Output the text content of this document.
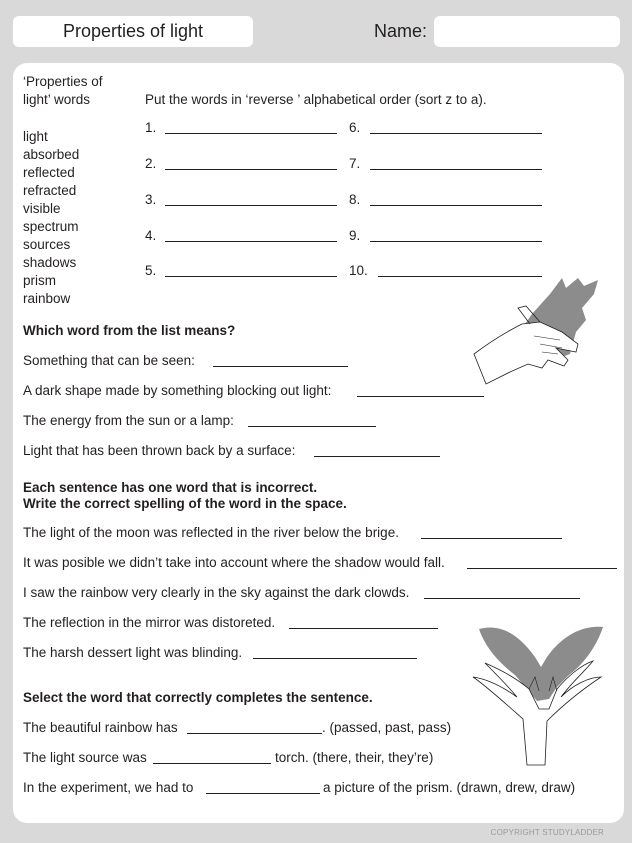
Properties of light	Name:
‘Properties of
light’ words
light
absorbed
reflected
refracted
visible
spectrum
sources
shadows
prism
rainbow
Put the words in ‘reverse ’ alphabetical order (sort z to a).
1.
2.
3.
4.
5.
6.
7.
8.
9.
10.
Which word from the list means?
Something that can be seen:
A dark shape made by something blocking out light:
The energy from the sun or a lamp:
Light that has been thrown back by a surface:
Each sentence has one word that is incorrect.
Write the correct spelling of the word in the space.
The light of the moon was reflected in the river below the brige.
It was posible we didn’t take into account where the shadow would fall.
I saw the rainbow very clearly in the sky against the dark clowds.
The reflection in the mirror was distoreted.
The harsh dessert light was blinding.
Select the word that correctly completes the sentence.
The beautiful rainbow has	. (passed, past, pass)
The light source was	torch. (there, their, they’re)
In the experiment, we had to	a picture of the prism. (drawn, drew, draw)
COPYRIGHT STUDYLADDER
